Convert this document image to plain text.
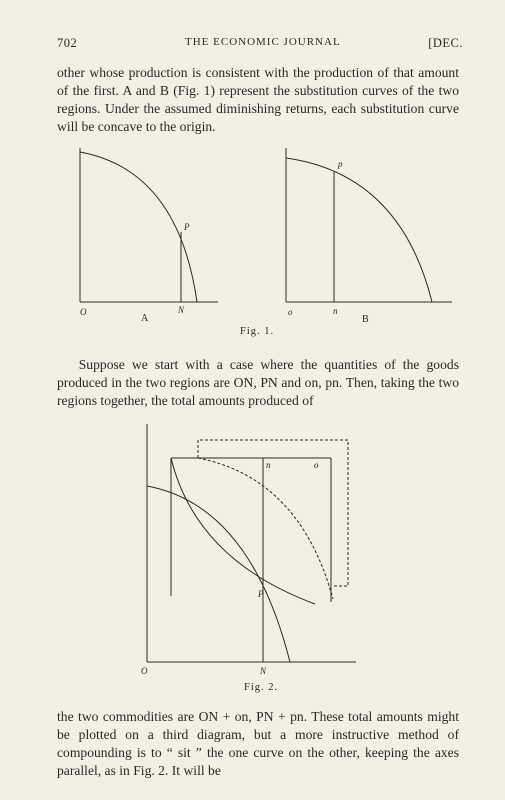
702	THE ECONOMIC JOURNAL	[DEC.

other whose production is consistent with the production of that amount of the first. A and B (Fig. 1) represent the substitution curves of the two regions. Under the assumed diminishing returns, each substitution curve will be concave to the origin.

O
P
N
A
o
p
n
B
O	N
P
n	o
Fig. 1.

Suppose we start with a case where the quantities of the goods produced in the two regions are ON, PN and on, pn. Then, taking the two regions together, the total amounts produced of

Fig. 2.

the two commodities are ON + on, PN + pn. These total amounts might be plotted on a third diagram, but a more instructive method of compounding is to “ sit ” the one curve on the other, keeping the axes parallel, as in Fig. 2. It will be
